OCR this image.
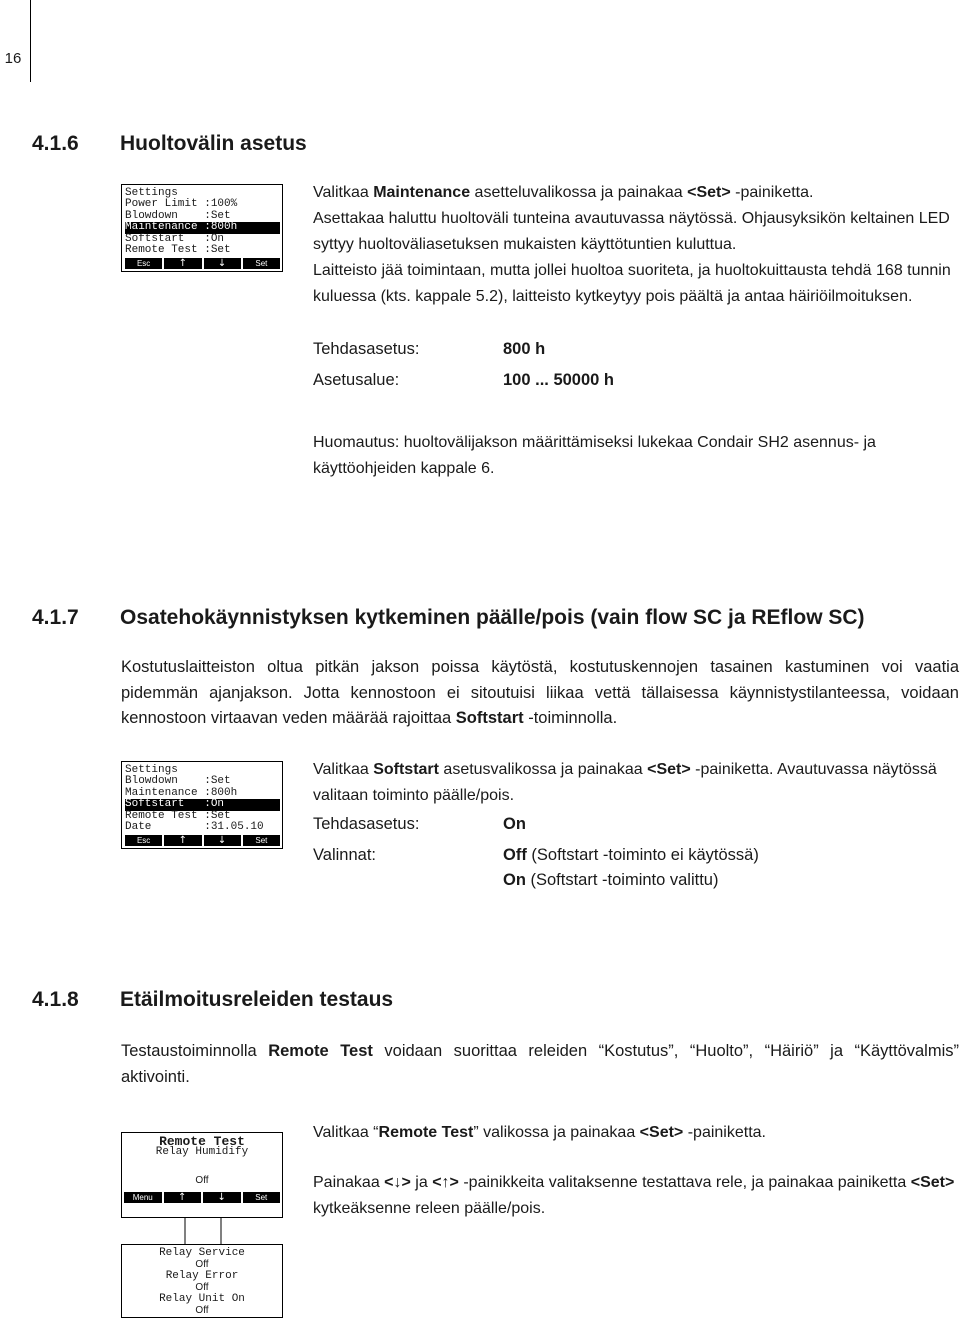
16
4.1.6 Huoltovälin asetus
Settings
Power Limit :100%
Blowdown    :Set
Maintenance :800h
Softstart   :On
Remote Test :Set
Esc	↑	↓	Set
Valitkaa Maintenance asetteluvalikossa ja painakaa <Set> -painiketta.
Asettakaa haluttu huoltoväli tunteina avautuvassa näytössä. Ohjausyksikön keltainen LED syttyy huoltoväliasetuksen mukaisten käyttötuntien kuluttua.
Laitteisto jää toimintaan, mutta jollei huoltoa suoriteta, ja huoltokuittausta tehdä 168 tunnin kuluessa (kts. kappale 5.2), laitteisto kytkeytyy pois päältä ja antaa häiriöilmoituksen.
Tehdasasetus:	800 h
Asetusalue:	100 ... 50000 h
Huomautus: huoltovälijakson määrittämiseksi lukekaa Condair SH2 asennus- ja käyttöohjeiden kappale 6.
4.1.7 Osatehokäynnistyksen kytkeminen päälle/pois (vain flow SC ja REflow SC)
Kostutuslaitteiston oltua pitkän jakson poissa käytöstä, kostutuskennojen tasainen kastuminen voi vaatia pidemmän ajanjakson. Jotta kennostoon ei sitoutuisi liikaa vettä tällaisessa käynnistystilanteessa, voidaan kennostoon virtaavan veden määrää rajoittaa Softstart -toiminnolla.
Settings
Blowdown    :Set
Maintenance :800h
Softstart   :On
Remote Test :Set
Date        :31.05.10
Esc	↑	↓	Set
Valitkaa Softstart asetusvalikossa ja painakaa <Set> -painiketta. Avautuvassa näytössä valitaan toiminto päälle/pois.
Tehdasasetus:	On
Valinnat:	Off (Softstart -toiminto ei käytössä)
On (Softstart -toiminto valittu)
4.1.8 Etäilmoitusreleiden testaus
Testaustoiminnolla Remote Test voidaan suorittaa releiden “Kostutus”, “Huolto”, “Häiriö” ja “Käyttövalmis” aktivointi.
Remote Test
Relay Humidify
Off
Menu	↑	↓	Set
Relay Service
Off
Relay Error
Off
Relay Unit On
Off
Valitkaa “Remote Test” valikossa ja painakaa <Set> -painiketta.
Painakaa <↓> ja <↑> -painikkeita valitaksenne testattava rele, ja painakaa painiketta <Set> kytkeäksenne releen päälle/pois.
